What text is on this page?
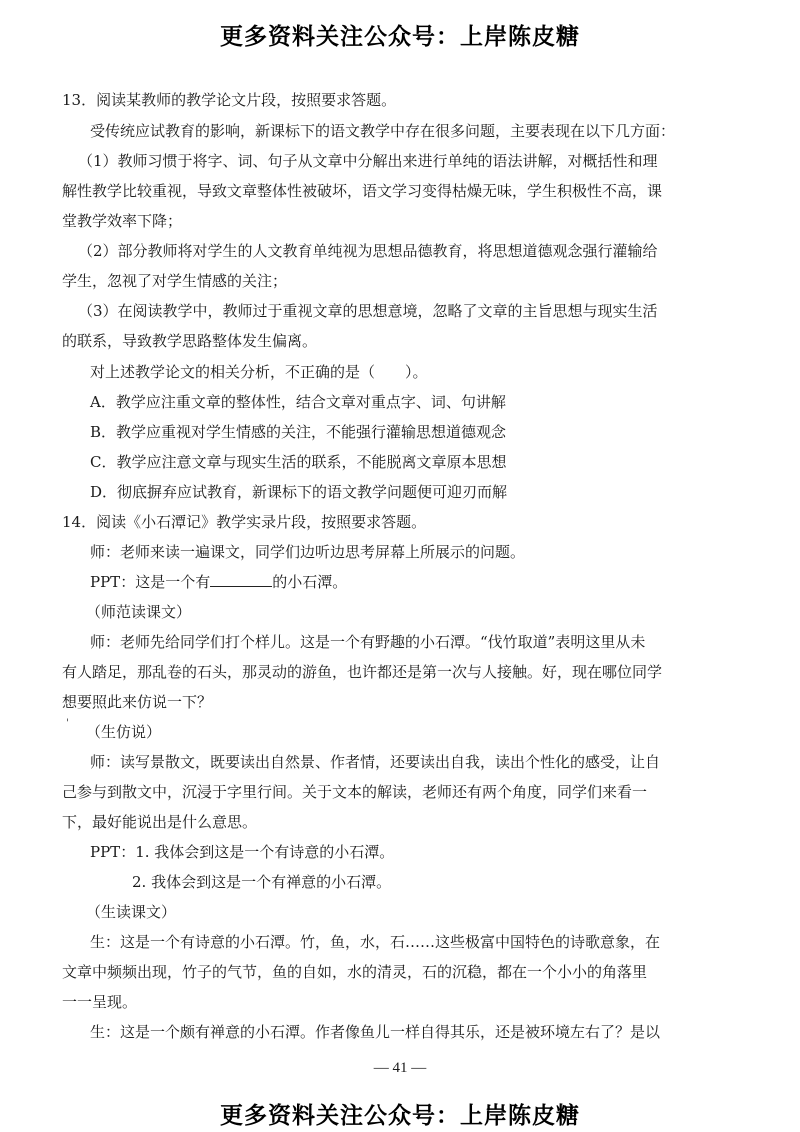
更多资料关注公众号：上岸陈皮糖
13．阅读某教师的教学论文片段，按照要求答题。
受传统应试教育的影响，新课标下的语文教学中存在很多问题，主要表现在以下几方面：
（1）教师习惯于将字、词、句子从文章中分解出来进行单纯的语法讲解，对概括性和理
解性教学比较重视，导致文章整体性被破坏，语文学习变得枯燥无味，学生积极性不高，课
堂教学效率下降；
（2）部分教师将对学生的人文教育单纯视为思想品德教育，将思想道德观念强行灌输给
学生，忽视了对学生情感的关注；
（3）在阅读教学中，教师过于重视文章的思想意境，忽略了文章的主旨思想与现实生活
的联系，导致教学思路整体发生偏离。
对上述教学论文的相关分析，不正确的是（　　）。
A．教学应注重文章的整体性，结合文章对重点字、词、句讲解
B．教学应重视对学生情感的关注，不能强行灌输思想道德观念
C．教学应注意文章与现实生活的联系，不能脱离文章原本思想
D．彻底摒弃应试教育，新课标下的语文教学问题便可迎刃而解
14．阅读《小石潭记》教学实录片段，按照要求答题。
师：老师来读一遍课文，同学们边听边思考屏幕上所展示的问题。
PPT：这是一个有	的小石潭。
（师范读课文）
师：老师先给同学们打个样儿。这是一个有野趣的小石潭。“伐竹取道”表明这里从未
有人踏足，那乱卷的石头，那灵动的游鱼，也许都还是第一次与人接触。好，现在哪位同学
想要照此来仿说一下？
' （生仿说）
师：读写景散文，既要读出自然景、作者情，还要读出自我，读出个性化的感受，让自
己参与到散文中，沉浸于字里行间。关于文本的解读，老师还有两个角度，同学们来看一
下，最好能说出是什么意思。
PPT：1. 我体会到这是一个有诗意的小石潭。
2. 我体会到这是一个有禅意的小石潭。
（生读课文）
生：这是一个有诗意的小石潭。竹，鱼，水，石……这些极富中国特色的诗歌意象，在
文章中频频出现，竹子的气节，鱼的自如，水的清灵，石的沉稳，都在一个小小的角落里
一一呈现。
生：这是一个颇有禅意的小石潭。作者像鱼儿一样自得其乐，还是被环境左右了？是以
— 41 —
更多资料关注公众号：上岸陈皮糖
